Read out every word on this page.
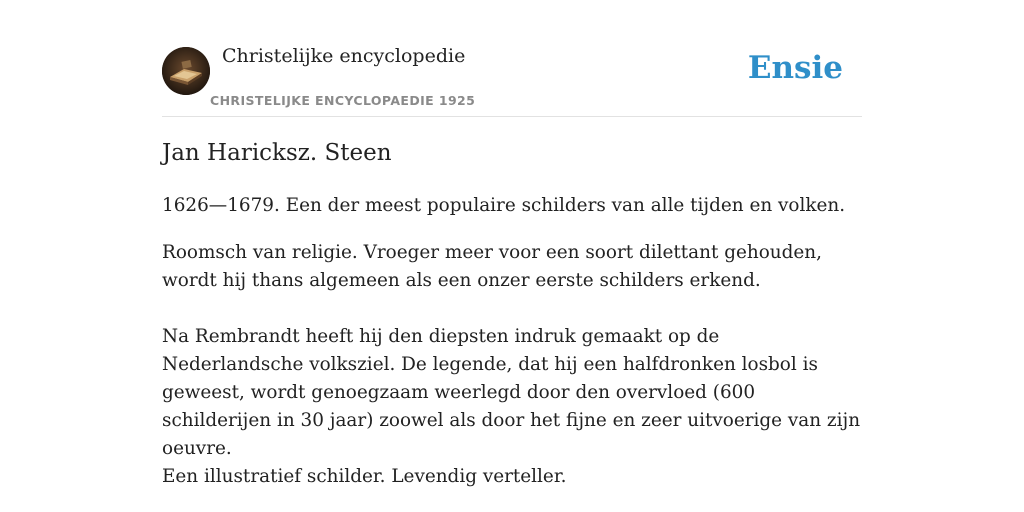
Christelijke encyclopedie
CHRISTELIJKE ENCYCLOPAEDIE 1925
Ensie
Jan Haricksz. Steen

1626—1679. Een der meest populaire schilders van alle tijden en volken.

Roomsch van religie. Vroeger meer voor een soort dilettant gehouden, wordt hij thans algemeen als een onzer eerste schilders erkend.

Na Rembrandt heeft hij den diepsten indruk gemaakt op de Nederlandsche volksziel. De legende, dat hij een halfdronken losbol is geweest, wordt genoegzaam weerlegd door den overvloed (600 schilderijen in 30 jaar) zoowel als door het fijne en zeer uitvoerige van zijn oeuvre.

Een illustratief schilder. Levendig verteller.
